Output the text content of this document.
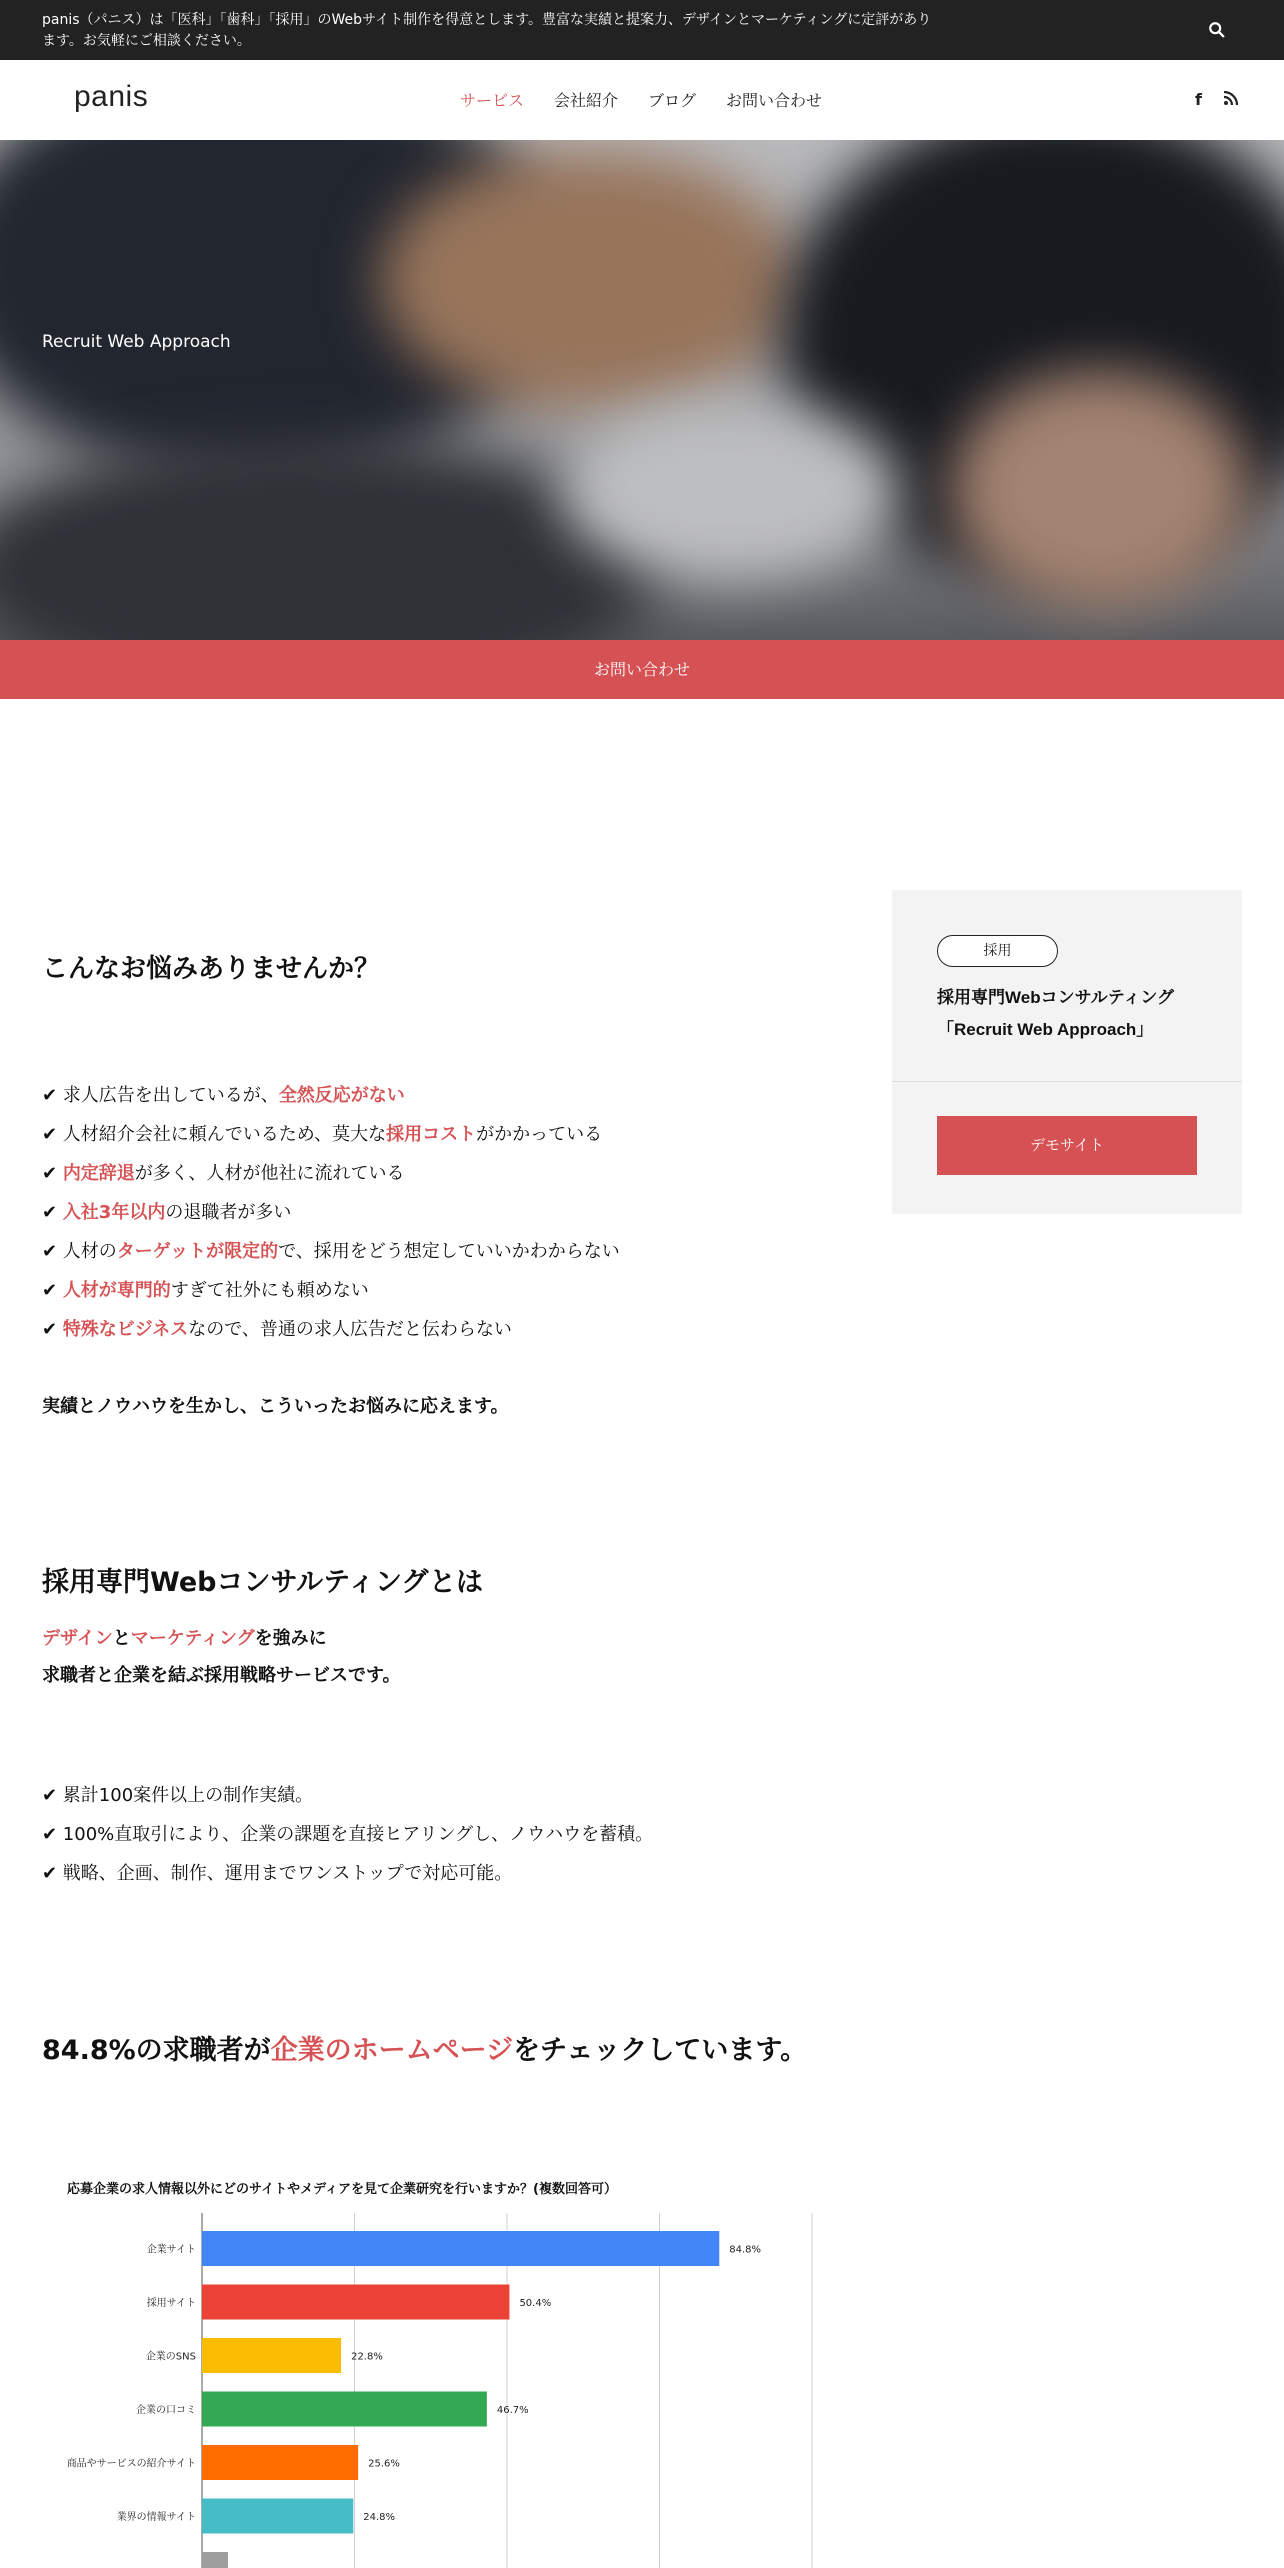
panis（パニス）は「医科」「歯科」「採用」のWebサイト制作を得意とします。豊富な実績と提案力、デザインとマーケティングに定評があります。お気軽にご相談ください。
panis	サービス 会社紹介 ブログ お問い合わせ	f
Recruit Web Approach
お問い合わせ
採用
採用専門Webコンサルティング
「Recruit Web Approach」
デモサイト
こんなお悩みありませんか？
✔ 求人広告を出しているが、全然反応がない
✔ 人材紹介会社に頼んでいるため、莫大な採用コストがかかっている
✔ 内定辞退が多く、人材が他社に流れている
✔ 入社3年以内の退職者が多い
✔ 人材のターゲットが限定的で、採用をどう想定していいかわからない
✔ 人材が専門的すぎて社外にも頼めない
✔ 特殊なビジネスなので、普通の求人広告だと伝わらない

実績とノウハウを生かし、こういったお悩みに応えます。

採用専門Webコンサルティングとは

デザインとマーケティングを強みに
求職者と企業を結ぶ採用戦略サービスです。

✔ 累計100案件以上の制作実績。
✔ 100%直取引により、企業の課題を直接ヒアリングし、ノウハウを蓄積。
✔ 戦略、企画、制作、運用までワンストップで対応可能。
84.8%の求職者が企業のホームページをチェックしています。
応募企業の求人情報以外にどのサイトやメディアを見て企業研究を行いますか？(複数回答可）
企業サイト	84.8%
採用サイト	50.4%
企業のSNS	22.8%
企業の口コミ	46.7%
商品やサービスの紹介サイト	25.6%
業界の情報サイト	24.8%
